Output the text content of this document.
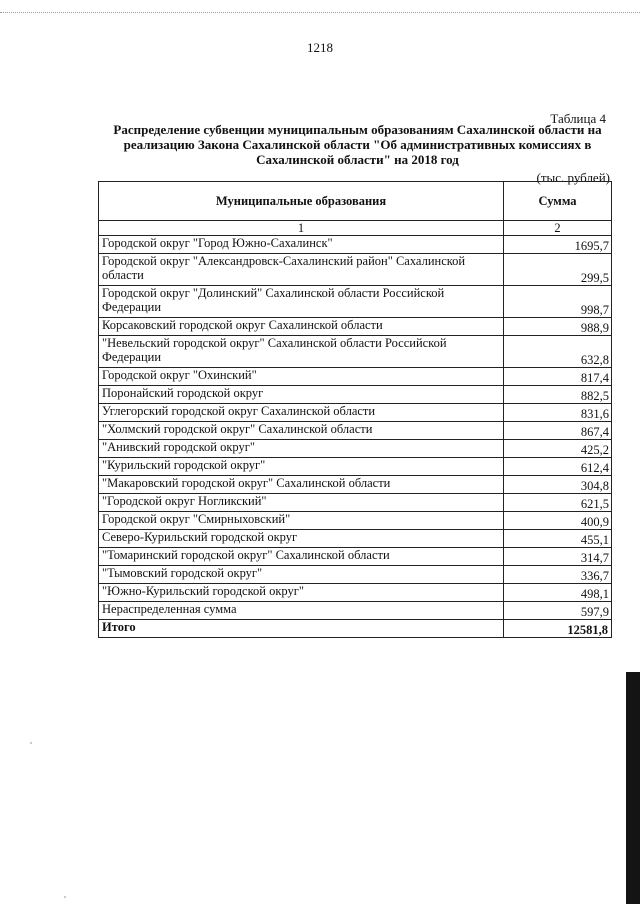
1218
Таблица 4
Распределение субвенции муниципальным образованиям Сахалинской области на реализацию Закона Сахалинской области "Об административных комиссиях в Сахалинской области" на 2018 год
(тыс. рублей)
Муниципальные образования	Сумма
1	2
Городской округ "Город Южно-Сахалинск"	1695,7
Городской округ "Александровск-Сахалинский район" Сахалинской области	299,5
Городской округ "Долинский" Сахалинской области Российской Федерации	998,7
Корсаковский городской округ Сахалинской области	988,9
"Невельский городской округ" Сахалинской области Российской Федерации	632,8
Городской округ "Охинский"	817,4
Поронайский городской округ	882,5
Углегорский городской округ Сахалинской области	831,6
"Холмский городской округ" Сахалинской области	867,4
"Анивский городской округ"	425,2
"Курильский городской округ"	612,4
"Макаровский городской округ" Сахалинской области	304,8
"Городской округ Ногликский"	621,5
Городской округ "Смирныховский"	400,9
Северо-Курильский городской округ	455,1
"Томаринский городской округ" Сахалинской области	314,7
"Тымовский городской округ"	336,7
"Южно-Курильский городской округ"	498,1
Нераспределенная сумма	597,9
Итого	12581,8
